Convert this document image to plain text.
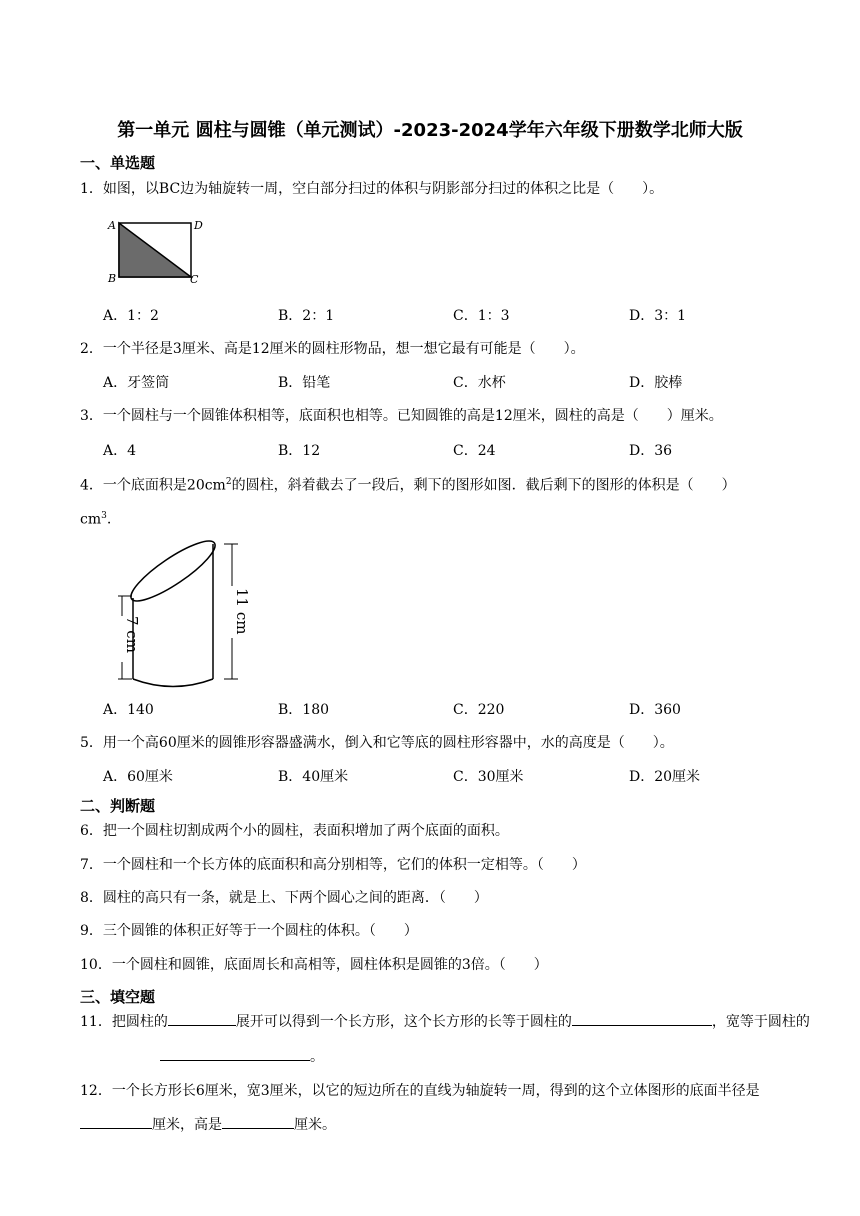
第一单元 圆柱与圆锥（单元测试）-2023-2024学年六年级下册数学北师大版
一、单选题
1．如图，以BC边为轴旋转一周，空白部分扫过的体积与阴影部分扫过的体积之比是（　　）。
A	D
B	C
A．1：2	B．2：1	C．1：3	D．3：1
2．一个半径是3厘米、高是12厘米的圆柱形物品，想一想它最有可能是（　　）。
A．牙签筒	B．铅笔	C．水杯	D．胶棒
3．一个圆柱与一个圆锥体积相等，底面积也相等。已知圆锥的高是12厘米，圆柱的高是（　　）厘米。
A．4	B．12	C．24	D．36
4．一个底面积是$20cm^2$的圆柱，斜着截去了一段后，剩下的图形如图．截后剩下的图形的体积是（　　）
$cm^3$.
7 cm	11 cm
A．140	B．180	C．220	D．360
5．用一个高60厘米的圆锥形容器盛满水，倒入和它等底的圆柱形容器中，水的高度是（　　）。
A．60厘米	B．40厘米	C．30厘米	D．20厘米
二、判断题
6．把一个圆柱切割成两个小的圆柱，表面积增加了两个底面的面积。
7．一个圆柱和一个长方体的底面积和高分别相等，它们的体积一定相等。（　　）
8．圆柱的高只有一条，就是上、下两个圆心之间的距离．（　　）
9．三个圆锥的体积正好等于一个圆柱的体积。（　　）
10．一个圆柱和圆锥，底面周长和高相等，圆柱体积是圆锥的3倍。（　　）
三、填空题
11．把圆柱的	展开可以得到一个长方形，这个长方形的长等于圆柱的	，宽等于圆柱的
。
12．一个长方形长6厘米，宽3厘米，以它的短边所在的直线为轴旋转一周，得到的这个立体图形的底面半径是厘米，高是	厘米。
